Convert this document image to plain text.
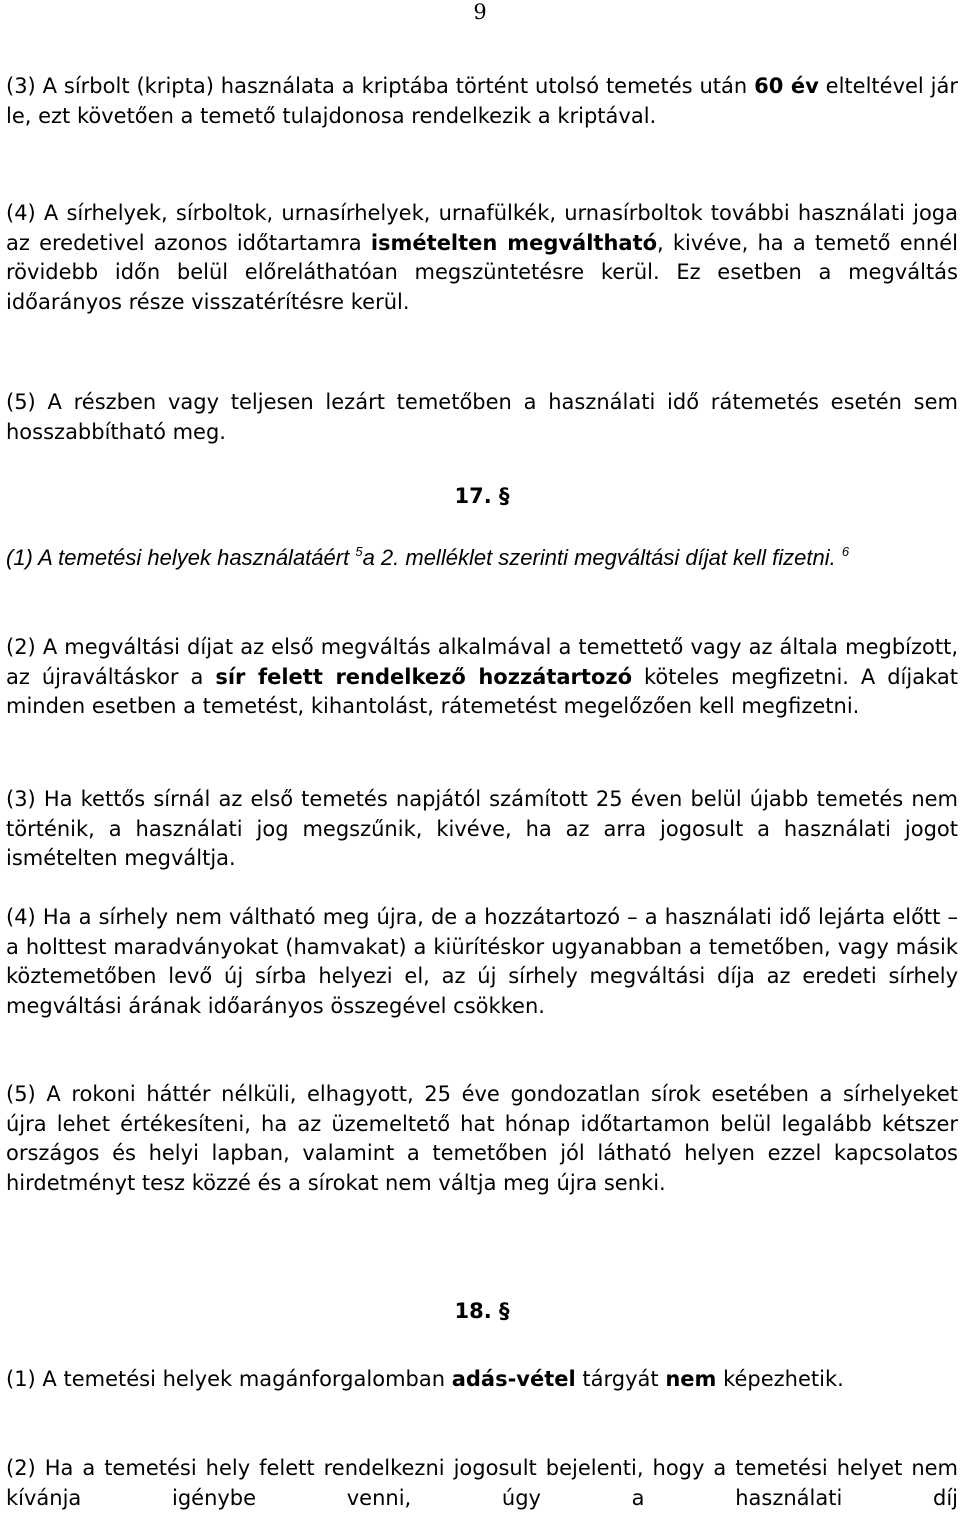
9

(3) A sírbolt (kripta) használata a kriptába történt utolsó temetés után 60 év elteltével jár le, ezt követően a temető tulajdonosa rendelkezik a kriptával.

(4) A sírhelyek, sírboltok, urnasírhelyek, urnafülkék, urnasírboltok további használati joga az eredetivel azonos időtartamra ismételten megváltható, kivéve, ha a temető ennél rövidebb időn belül előreláthatóan megszüntetésre kerül. Ez esetben a megváltás időarányos része visszatérítésre kerül.

(5) A részben vagy teljesen lezárt temetőben a használati idő rátemetés esetén sem hosszabbítható meg.

17. §

(1) A temetési helyek használatáért $^5$a 2. melléklet szerinti megváltási díjat kell fizetni. $^6$

(2) A megváltási díjat az első megváltás alkalmával a temettető vagy az általa megbízott, az újraváltáskor a sír felett rendelkező hozzátartozó köteles megfizetni. A díjakat minden esetben a temetést, kihantolást, rátemetést megelőzően kell megfizetni.

(3) Ha kettős sírnál az első temetés napjától számított 25 éven belül újabb temetés nem történik, a használati jog megszűnik, kivéve, ha az arra jogosult a használati jogot ismételten megváltja.

(4) Ha a sírhely nem váltható meg újra, de a hozzátartozó – a használati idő lejárta előtt – a holttest maradványokat (hamvakat) a kiürítéskor ugyanabban a temetőben, vagy másik köztemetőben levő új sírba helyezi el, az új sírhely megváltási díja az eredeti sírhely megváltási árának időarányos összegével csökken.

(5) A rokoni háttér nélküli, elhagyott, 25 éve gondozatlan sírok esetében a sírhelyeket újra lehet értékesíteni, ha az üzemeltető hat hónap időtartamon belül legalább kétszer országos és helyi lapban, valamint a temetőben jól látható helyen ezzel kapcsolatos hirdetményt tesz közzé és a sírokat nem váltja meg újra senki.

18. §

(1) A temetési helyek magánforgalomban adás-vétel tárgyát nem képezhetik.

(2) Ha a temetési hely felett rendelkezni jogosult bejelenti, hogy a temetési helyet nem kívánja igénybe venni, úgy a használati díj
